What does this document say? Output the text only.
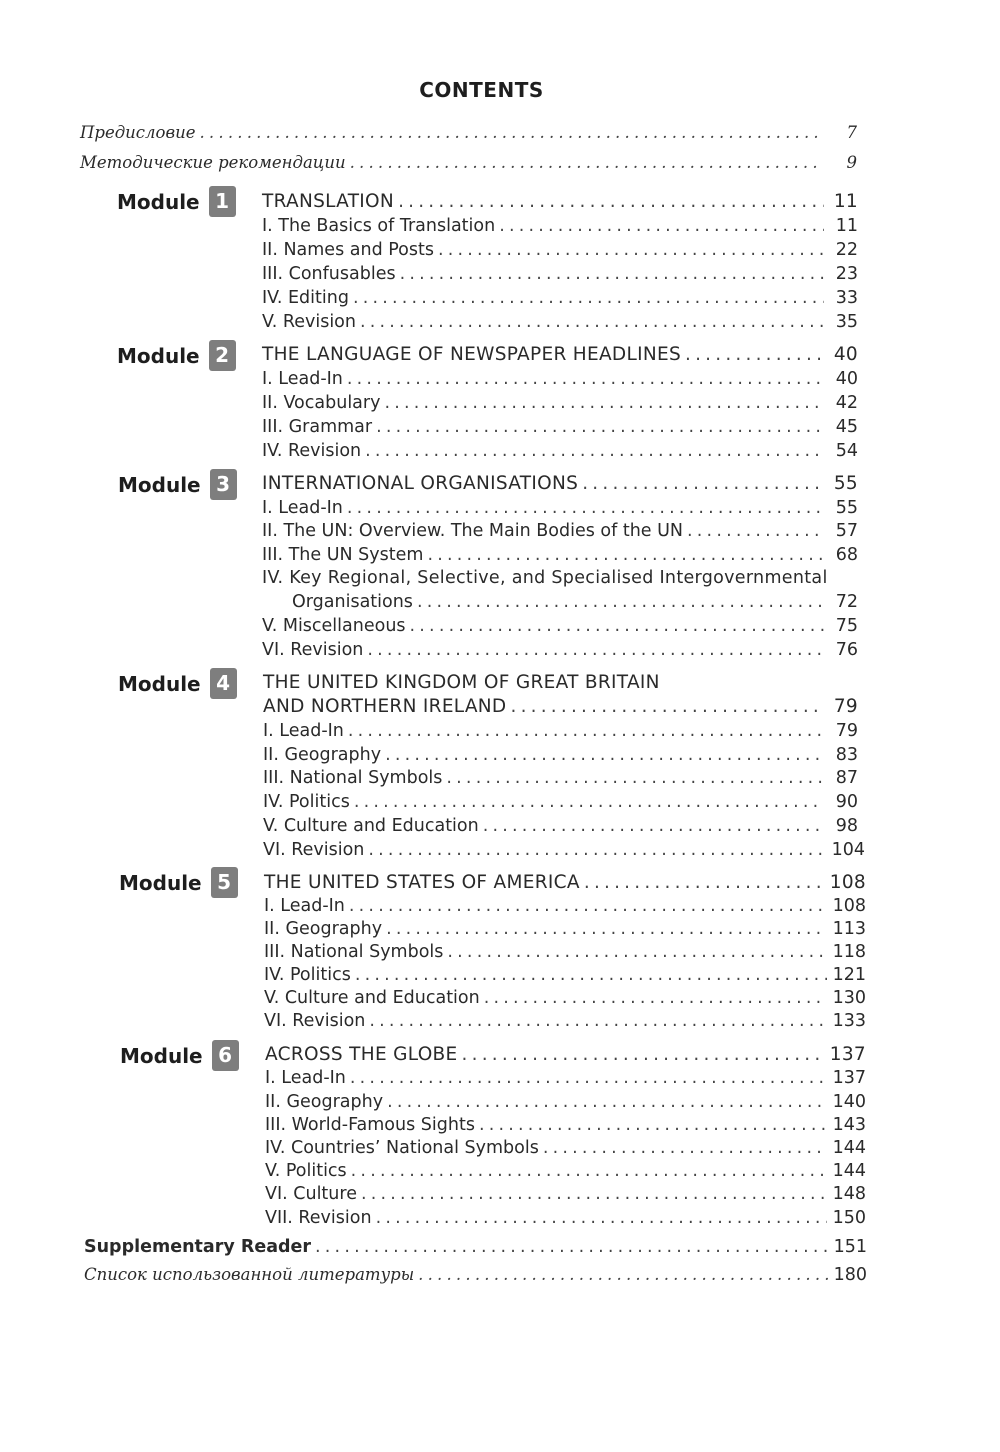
CONTENTS
Предисловие .....	7
Методические рекомендации .....	9
Module 1	TRANSLATION .....	11
I. The Basics of Translation .....	11
II. Names and Posts .....	22
III. Confusables .....	23
IV. Editing .....	33
V. Revision .....	35
Module 2	THE LANGUAGE OF NEWSPAPER HEADLINES .....	40
I. Lead-In .....	40
II. Vocabulary .....	42
III. Grammar .....	45
IV. Revision .....	54
Module 3	INTERNATIONAL ORGANISATIONS .....	55
I. Lead-In .....	55
II. The UN: Overview. The Main Bodies of the UN .....	57
III. The UN System .....	68
IV. Key Regional, Selective, and Specialised Intergovernmental
Organisations .....	72
V. Miscellaneous .....	75
VI. Revision .....	76
Module 4	THE UNITED KINGDOM OF GREAT BRITAIN
AND NORTHERN IRELAND .....	79
I. Lead-In .....	79
II. Geography .....	83
III. National Symbols .....	87
IV. Politics .....	90
V. Culture and Education .....	98
VI. Revision .....	104
Module 5	THE UNITED STATES OF AMERICA .....	108
I. Lead-In .....	108
II. Geography .....	113
III. National Symbols .....	118
IV. Politics .....	121
V. Culture and Education .....	130
VI. Revision .....	133
Module 6	ACROSS THE GLOBE .....	137
I. Lead-In .....	137
II. Geography .....	140
III. World-Famous Sights .....	143
IV. Countries’ National Symbols .....	144
V. Politics .....	144
VI. Culture .....	148
VII. Revision .....	150
Supplementary Reader .....	151
Список использованной литературы .....	180
